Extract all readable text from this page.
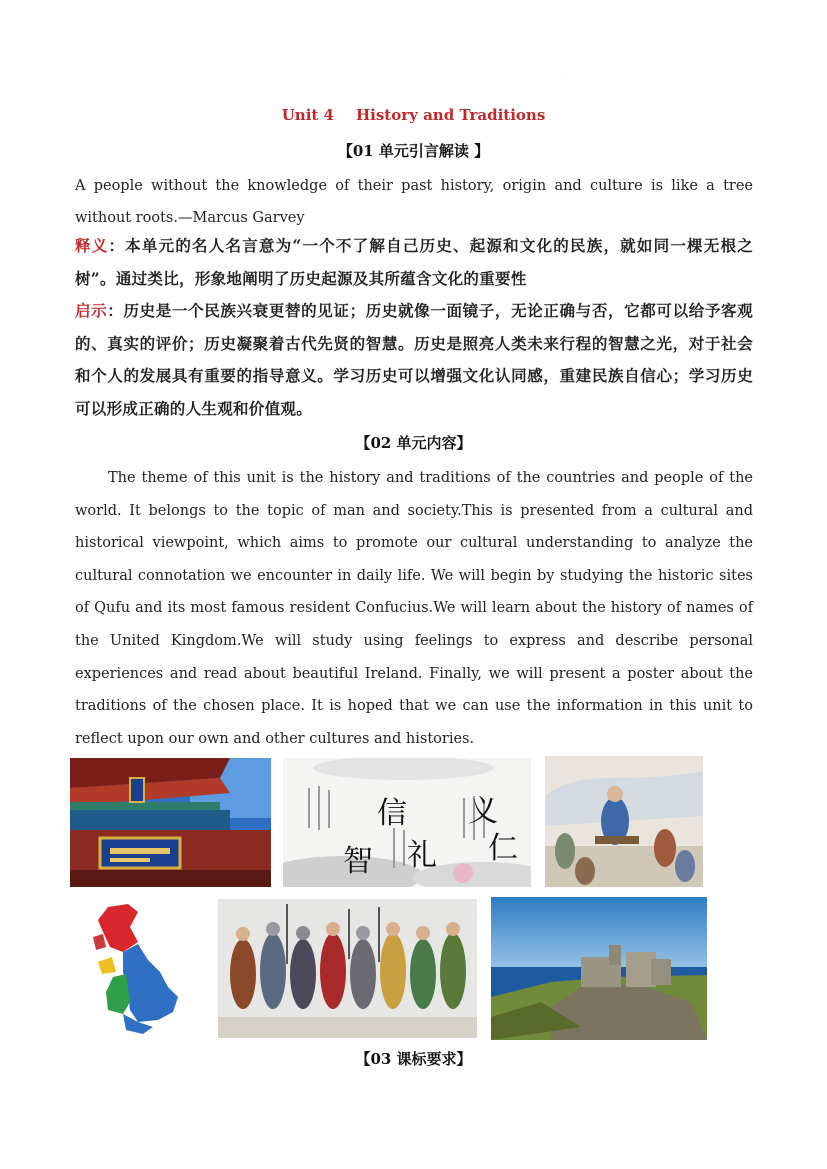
·
Unit 4 History and Traditions
【01 单元引言解读 】
A people without the knowledge of their past history, origin and culture is like a tree without roots.—Marcus Garvey
释义：本单元的名人名言意为“一个不了解自己历史、起源和文化的民族，就如同一棵无根之树”。通过类比，形象地阐明了历史起源及其所蕴含文化的重要性
启示：历史是一个民族兴衰更替的见证；历史就像一面镜子，无论正确与否，它都可以给予客观的、真实的评价；历史凝聚着古代先贤的智慧。历史是照亮人类未来行程的智慧之光，对于社会和个人的发展具有重要的指导意义。学习历史可以增强文化认同感，重建民族自信心；学习历史可以形成正确的人生观和价值观。
【02 单元内容】
The theme of this unit is the history and traditions of the countries and people of the world. It belongs to the topic of man and society.This is presented from a cultural and historical viewpoint, which aims to promote our cultural understanding to analyze the cultural connotation we encounter in daily life. We will begin by studying the historic sites of Qufu and its most famous resident Confucius.We will learn about the history of names of the United Kingdom.We will study using feelings to express and describe personal experiences and read about beautiful Ireland. Finally, we will present a poster about the traditions of the chosen place. It is hoped that we can use the information in this unit to reflect upon our own and other cultures and histories.
信 义
礼
智	仁
【03 课标要求】
